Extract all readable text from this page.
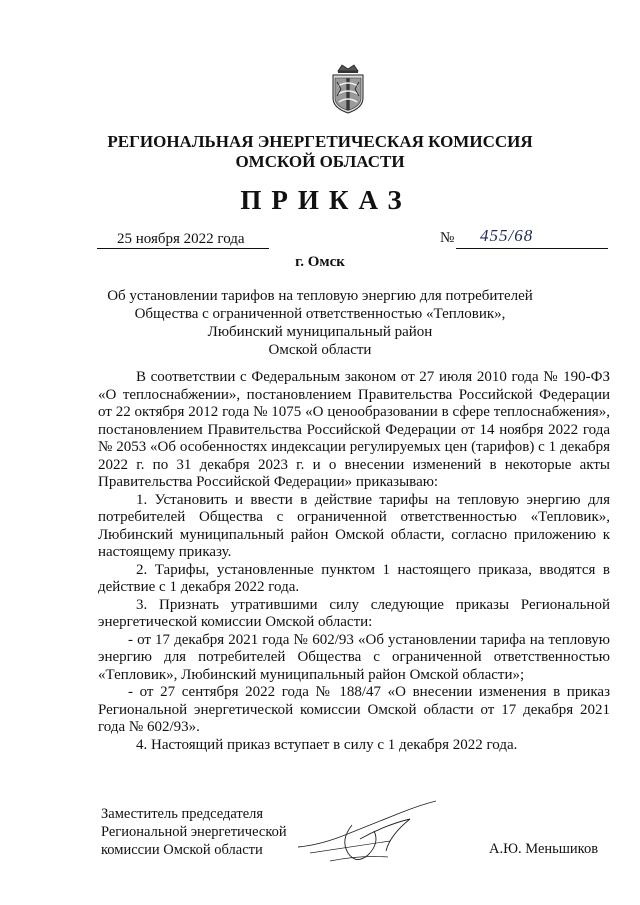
РЕГИОНАЛЬНАЯ ЭНЕРГЕТИЧЕСКАЯ КОМИССИЯ
ОМСКОЙ ОБЛАСТИ
ПРИКАЗ
25 ноября 2022 года	№ 455/68
г. Омск
Об установлении тарифов на тепловую энергию для потребителей
Общества с ограниченной ответственностью «Тепловик»,
Любинский муниципальный район
Омской области

В соответствии с Федеральным законом от 27 июля 2010 года № 190-ФЗ «О теплоснабжении», постановлением Правительства Российской Федерации от 22 октября 2012 года № 1075 «О ценообразовании в сфере теплоснабжения», постановлением Правительства Российской Федерации от 14 ноября 2022 года № 2053 «Об особенностях индексации регулируемых цен (тарифов) с 1 декабря 2022 г. по 31 декабря 2023 г. и о внесении изменений в некоторые акты Правительства Российской Федерации» приказываю:

1. Установить и ввести в действие тарифы на тепловую энергию для потребителей Общества с ограниченной ответственностью «Тепловик», Любинский муниципальный район Омской области, согласно приложению к настоящему приказу.

2. Тарифы, установленные пунктом 1 настоящего приказа, вводятся в действие с 1 декабря 2022 года.

3. Признать утратившими силу следующие приказы Региональной энергетической комиссии Омской области:

- от 17 декабря 2021 года № 602/93 «Об установлении тарифа на тепловую энергию для потребителей Общества с ограниченной ответственностью «Тепловик», Любинский муниципальный район Омской области»;

- от 27 сентября 2022 года № 188/47 «О внесении изменения в приказ Региональной энергетической комиссии Омской области от 17 декабря 2021 года № 602/93».

4. Настоящий приказ вступает в силу с 1 декабря 2022 года.

Заместитель председателя
Региональной энергетической
комиссии Омской области	А.Ю. Меньшиков
